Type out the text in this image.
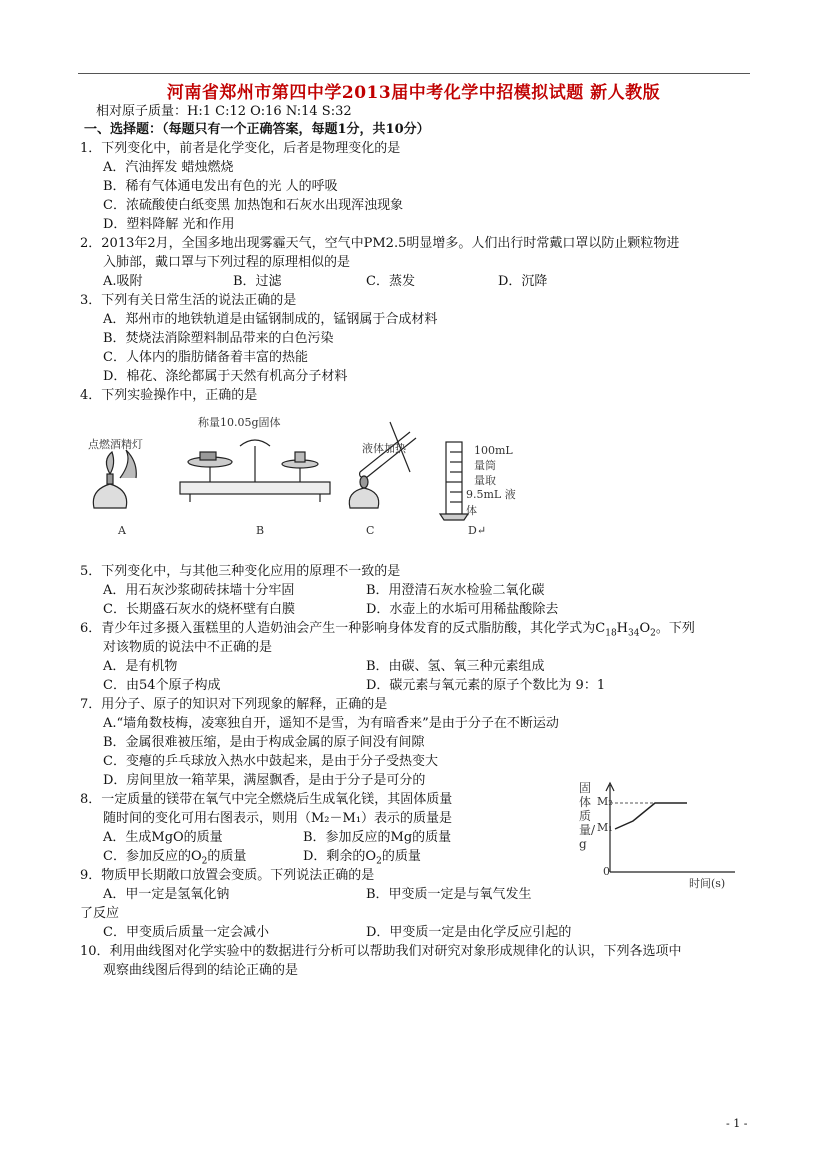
河南省郑州市第四中学2013届中考化学中招模拟试题 新人教版
相对原子质量：H:1 C:12 O:16 N:14 S:32
一、选择题：（每题只有一个正确答案，每题1分，共10分）
1．下列变化中，前者是化学变化，后者是物理变化的是
A．汽油挥发 蜡烛燃烧
B．稀有气体通电发出有色的光 人的呼吸
C．浓硫酸使白纸变黑 加热饱和石灰水出现浑浊现象
D．塑料降解 光和作用
2．2013年2月，全国多地出现雾霾天气，空气中PM2.5明显增多。人们出行时常戴口罩以防止颗粒物进
入肺部，戴口罩与下列过程的原理相似的是
A.吸附	B．过滤	C．蒸发	D．沉降
3．下列有关日常生活的说法正确的是
A．郑州市的地铁轨道是由锰钢制成的，锰钢属于合成材料
B．焚烧法消除塑料制品带来的白色污染
C．人体内的脂肪储备着丰富的热能
D．棉花、涤纶都属于天然有机高分子材料
4．下列实验操作中，正确的是
点燃酒精灯
称量10.05g固体
液体加热	100mL量筒
量取
9.5mL 液体
A	B	C	D↵
5．下列变化中，与其他三种变化应用的原理不一致的是
A．用石灰沙浆砌砖抹墙十分牢固	B．用澄清石灰水检验二氧化碳
C．长期盛石灰水的烧杯壁有白膜	D．水壶上的水垢可用稀盐酸除去
6．青少年过多摄入蛋糕里的人造奶油会产生一种影响身体发育的反式脂肪酸，其化学式为$C_{18}H_{34}O_2$。下列
对该物质的说法中不正确的是
A．是有机物	B．由碳、氢、氧三种元素组成
C．由54个原子构成	D．碳元素与氧元素的原子个数比为 9：1
7．用分子、原子的知识对下列现象的解释，正确的是
A.“墙角数枝梅，凌寒独自开，遥知不是雪，为有暗香来”是由于分子在不断运动
B．金属很难被压缩，是由于构成金属的原子间没有间隙
C．变瘪的乒乓球放入热水中鼓起来，是由于分子受热变大
D．房间里放一箱苹果，满屋飘香，是由于分子是可分的
8．一定质量的镁带在氧气中完全燃烧后生成氧化镁，其固体质量
随时间的变化可用右图表示，则用（M₂－M₁）表示的质量是
A．生成MgO的质量	B．参加反应的Mg的质量
C．参加反应的$O_2$的质量	D．剩余的$O_2$的质量
固体质量/g
M₂
M₁
0
时间(s)
9．物质甲长期敞口放置会变质。下列说法正确的是
A．甲一定是氢氧化钠	B．甲变质一定是与氧气发生
了反应
C．甲变质后质量一定会减小	D．甲变质一定是由化学反应引起的
10．利用曲线图对化学实验中的数据进行分析可以帮助我们对研究对象形成规律化的认识，下列各选项中
观察曲线图后得到的结论正确的是
- 1 -
